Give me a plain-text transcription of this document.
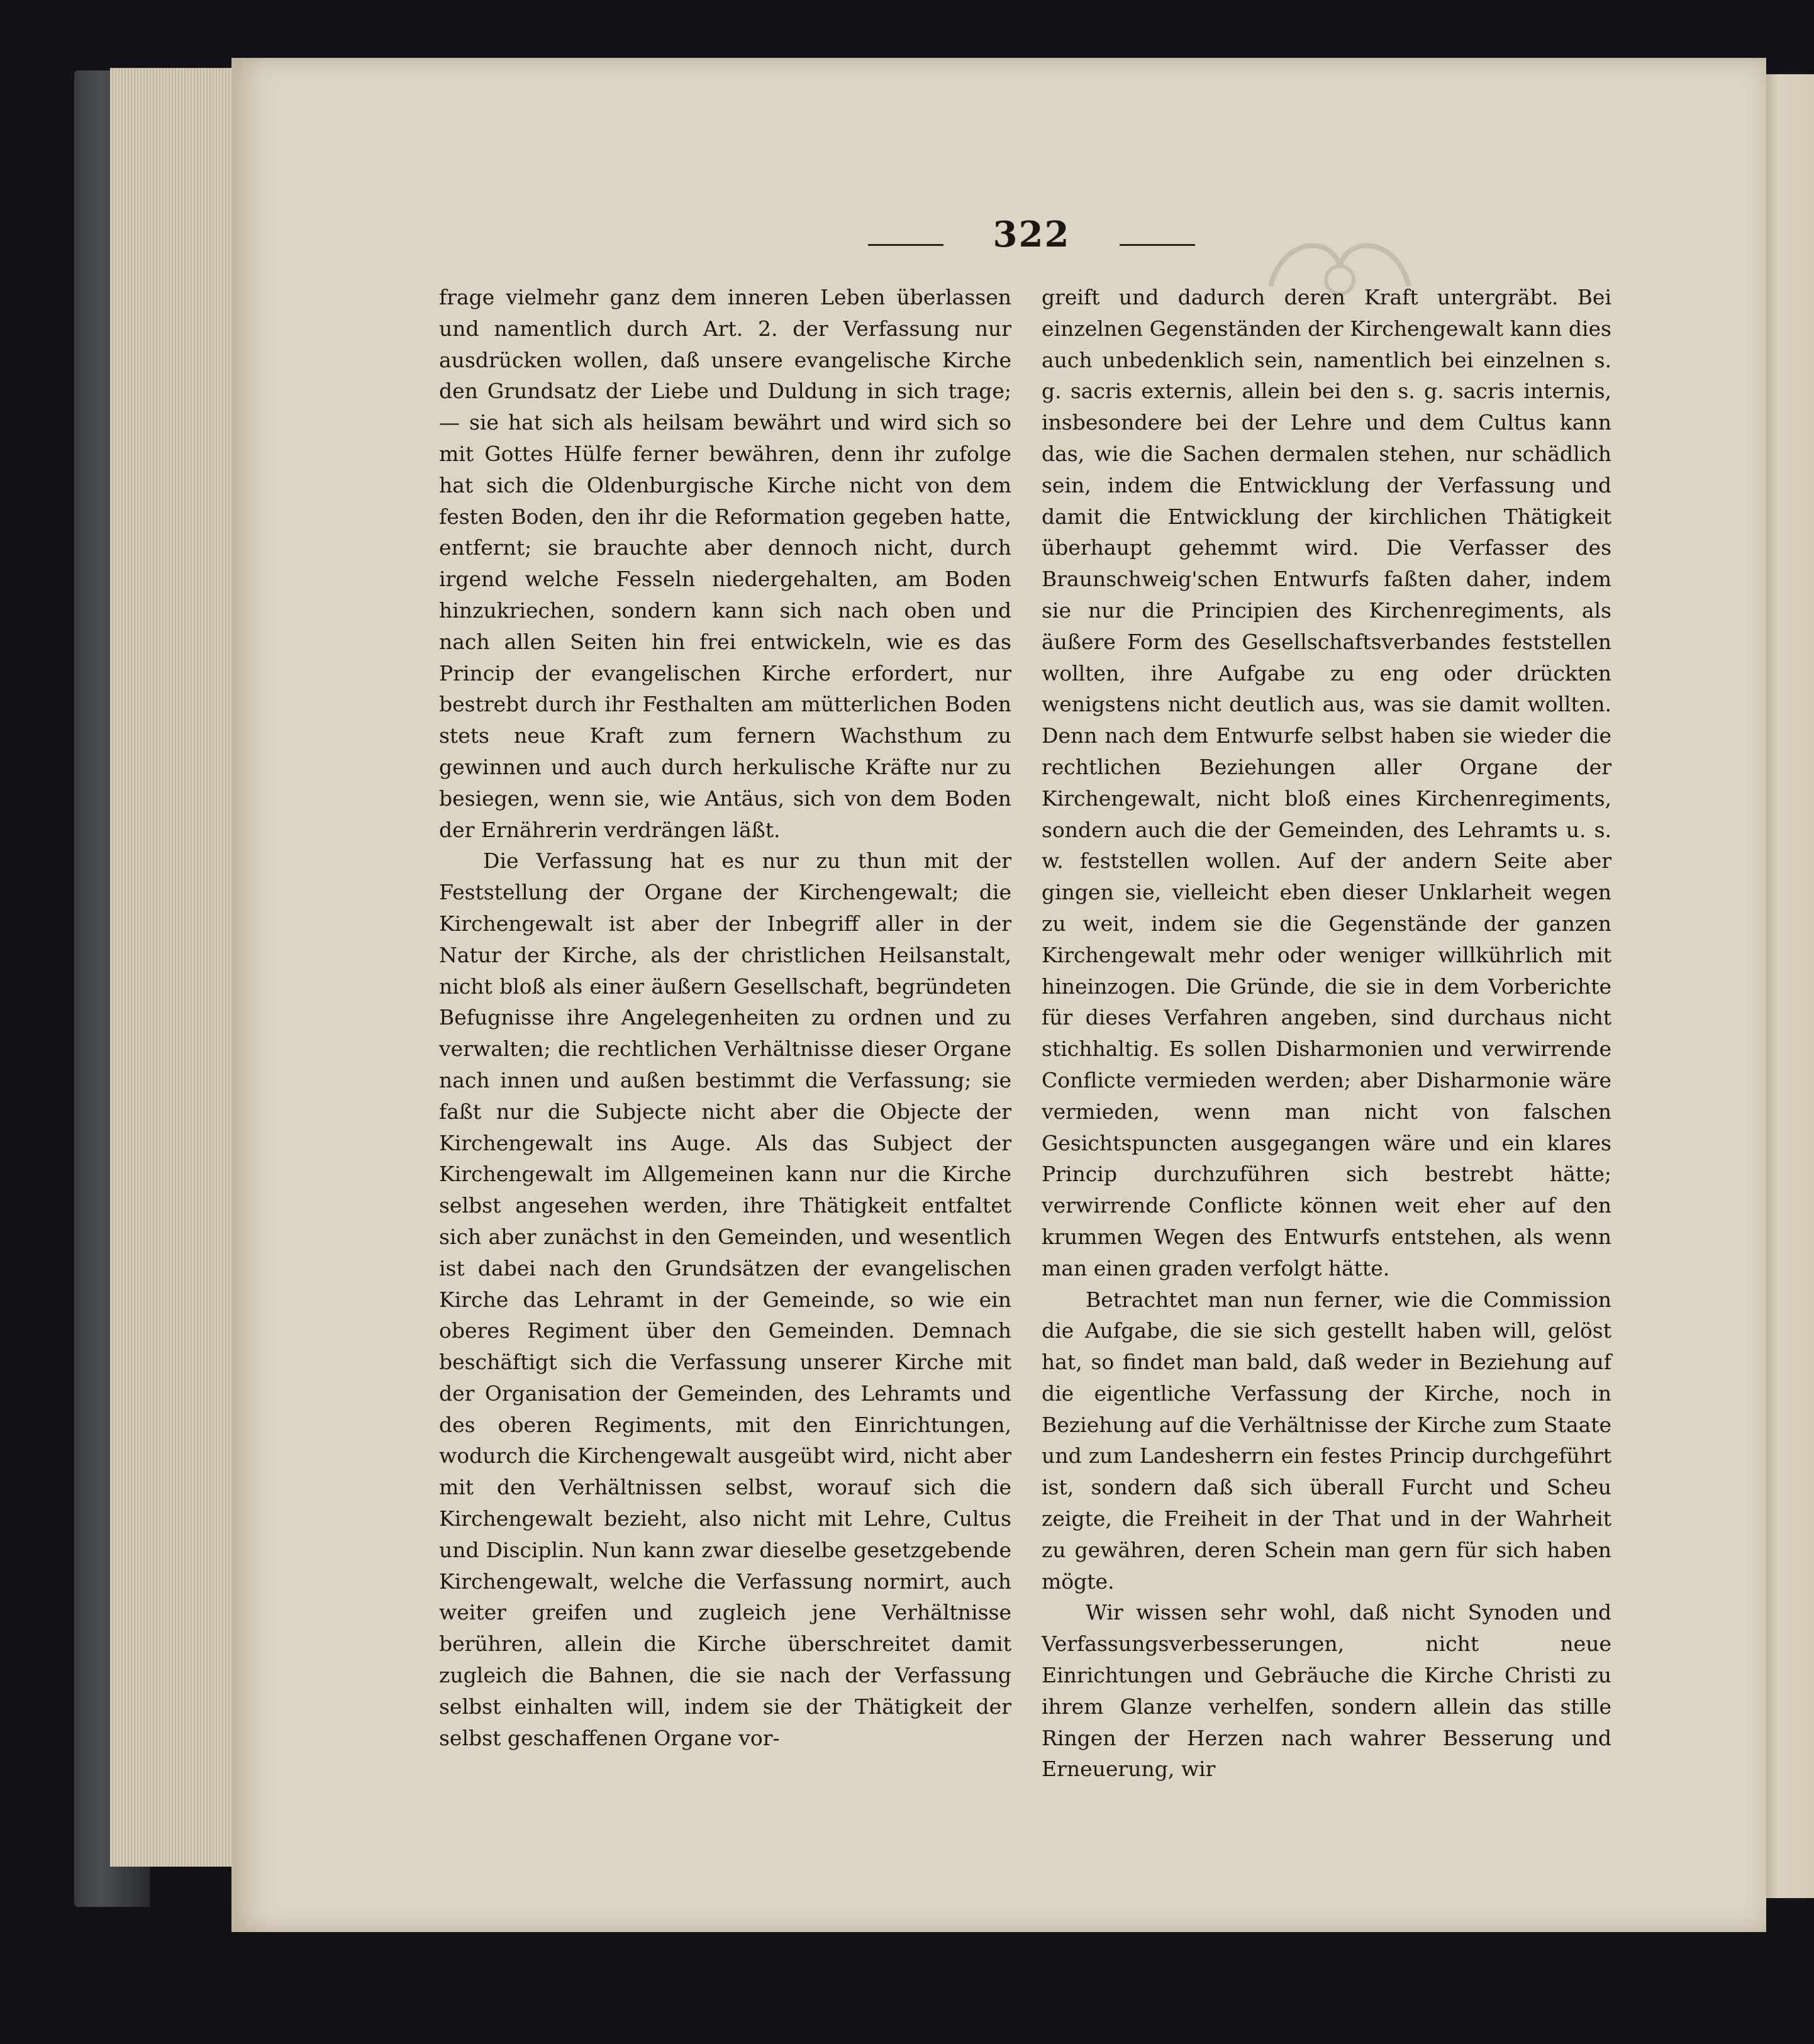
322

frage vielmehr ganz dem inneren Leben überlassen und namentlich durch Art. 2. der Verfassung nur ausdrücken wollen, daß unsere evangelische Kirche den Grundsatz der Liebe und Duldung in sich trage; — sie hat sich als heilsam bewährt und wird sich so mit Gottes Hülfe ferner bewähren, denn ihr zufolge hat sich die Oldenburgische Kirche nicht von dem festen Boden, den ihr die Reformation gegeben hatte, entfernt; sie brauchte aber dennoch nicht, durch irgend welche Fesseln niedergehalten, am Boden hinzukriechen, sondern kann sich nach oben und nach allen Seiten hin frei entwickeln, wie es das Princip der evangelischen Kirche erfordert, nur bestrebt durch ihr Festhalten am mütterlichen Boden stets neue Kraft zum fernern Wachsthum zu gewinnen und auch durch herkulische Kräfte nur zu besiegen, wenn sie, wie Antäus, sich von dem Boden der Ernährerin verdrängen läßt.

Die Verfassung hat es nur zu thun mit der Feststellung der Organe der Kirchengewalt; die Kirchengewalt ist aber der Inbegriff aller in der Natur der Kirche, als der christlichen Heilsanstalt, nicht bloß als einer äußern Gesellschaft, begründeten Befugnisse ihre Angelegenheiten zu ordnen und zu verwalten; die rechtlichen Verhältnisse dieser Organe nach innen und außen bestimmt die Verfassung; sie faßt nur die Subjecte nicht aber die Objecte der Kirchengewalt ins Auge. Als das Subject der Kirchengewalt im Allgemeinen kann nur die Kirche selbst angesehen werden, ihre Thätigkeit entfaltet sich aber zunächst in den Gemeinden, und wesentlich ist dabei nach den Grundsätzen der evangelischen Kirche das Lehramt in der Gemeinde, so wie ein oberes Regiment über den Gemeinden. Demnach beschäftigt sich die Verfassung unserer Kirche mit der Organisation der Gemeinden, des Lehramts und des oberen Regiments, mit den Einrichtungen, wodurch die Kirchengewalt ausgeübt wird, nicht aber mit den Verhältnissen selbst, worauf sich die Kirchengewalt bezieht, also nicht mit Lehre, Cultus und Disciplin. Nun kann zwar dieselbe gesetzgebende Kirchengewalt, welche die Verfassung normirt, auch weiter greifen und zugleich jene Verhältnisse berühren, allein die Kirche überschreitet damit zugleich die Bahnen, die sie nach der Verfassung selbst einhalten will, indem sie der Thätigkeit der selbst geschaffenen Organe vor-

greift und dadurch deren Kraft untergräbt. Bei einzelnen Gegenständen der Kirchengewalt kann dies auch unbedenklich sein, namentlich bei einzelnen s. g. sacris externis, allein bei den s. g. sacris internis, insbesondere bei der Lehre und dem Cultus kann das, wie die Sachen dermalen stehen, nur schädlich sein, indem die Entwicklung der Verfassung und damit die Entwicklung der kirchlichen Thätigkeit überhaupt gehemmt wird. Die Verfasser des Braunschweig'schen Entwurfs faßten daher, indem sie nur die Principien des Kirchenregiments, als äußere Form des Gesellschaftsverbandes feststellen wollten, ihre Aufgabe zu eng oder drückten wenigstens nicht deutlich aus, was sie damit wollten. Denn nach dem Entwurfe selbst haben sie wieder die rechtlichen Beziehungen aller Organe der Kirchengewalt, nicht bloß eines Kirchenregiments, sondern auch die der Gemeinden, des Lehramts u. s. w. feststellen wollen. Auf der andern Seite aber gingen sie, vielleicht eben dieser Unklarheit wegen zu weit, indem sie die Gegenstände der ganzen Kirchengewalt mehr oder weniger willkührlich mit hineinzogen. Die Gründe, die sie in dem Vorberichte für dieses Verfahren angeben, sind durchaus nicht stichhaltig. Es sollen Disharmonien und verwirrende Conflicte vermieden werden; aber Disharmonie wäre vermieden, wenn man nicht von falschen Gesichtspuncten ausgegangen wäre und ein klares Princip durchzuführen sich bestrebt hätte; verwirrende Conflicte können weit eher auf den krummen Wegen des Entwurfs entstehen, als wenn man einen graden verfolgt hätte.

Betrachtet man nun ferner, wie die Commission die Aufgabe, die sie sich gestellt haben will, gelöst hat, so findet man bald, daß weder in Beziehung auf die eigentliche Verfassung der Kirche, noch in Beziehung auf die Verhältnisse der Kirche zum Staate und zum Landesherrn ein festes Princip durchgeführt ist, sondern daß sich überall Furcht und Scheu zeigte, die Freiheit in der That und in der Wahrheit zu gewähren, deren Schein man gern für sich haben mögte.

Wir wissen sehr wohl, daß nicht Synoden und Verfassungsverbesserungen, nicht neue Einrichtungen und Gebräuche die Kirche Christi zu ihrem Glanze verhelfen, sondern allein das stille Ringen der Herzen nach wahrer Besserung und Erneuerung, wir
